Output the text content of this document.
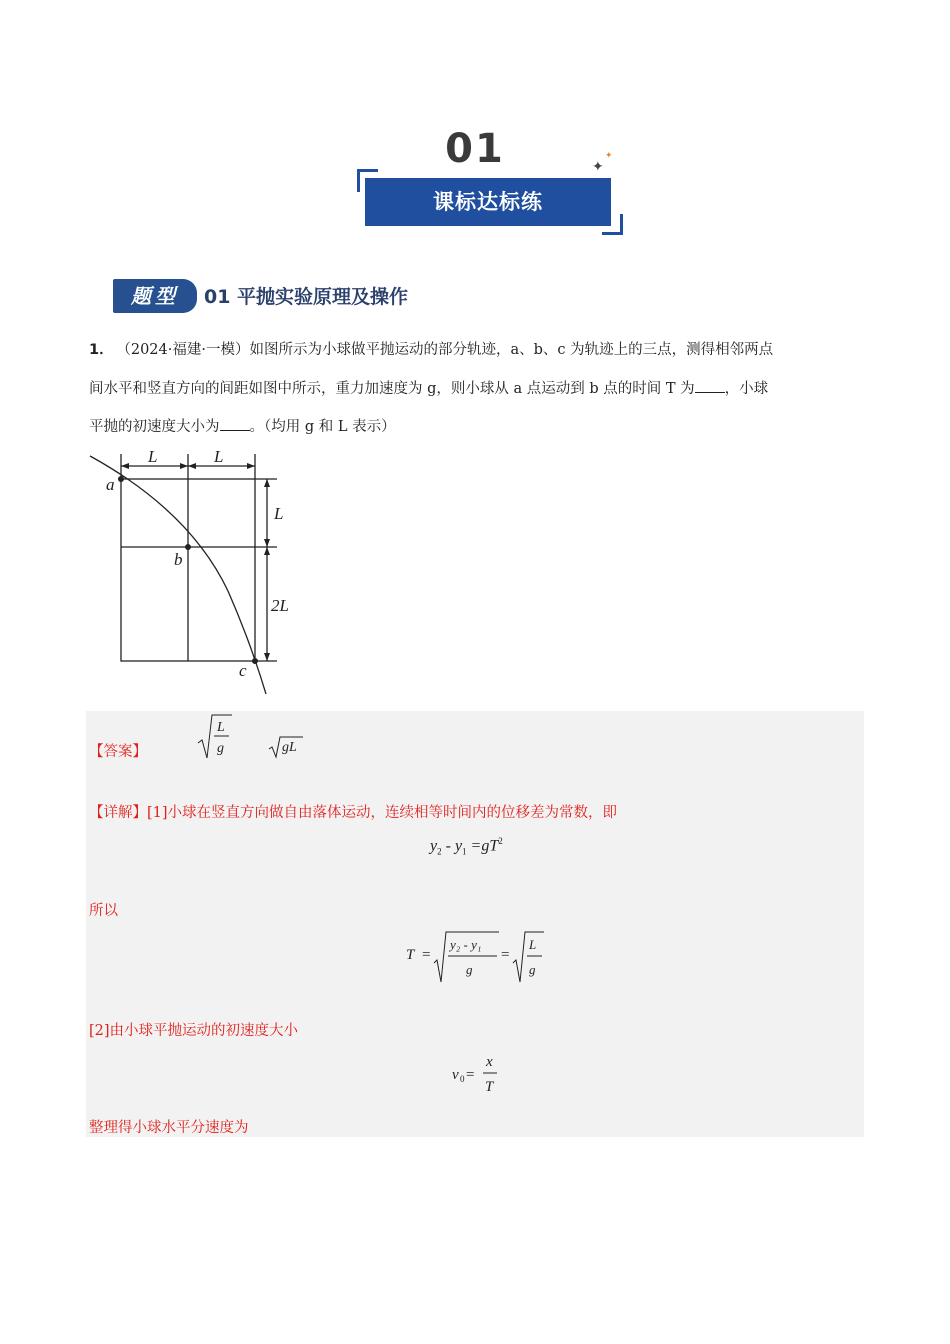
01
课标达标练
✦
✦
题型	01 平抛实验原理及操作
1． （2024·福建·一模）如图所示为小球做平抛运动的部分轨迹，a、b、c 为轨迹上的三点，测得相邻两点
间水平和竖直方向的间距如图中所示，重力加速度为 g，则小球从 a 点运动到 b 点的时间 T 为 ，小球
平抛的初速度大小为 。（均用 g 和 L 表示）
L	L
L
2L
a
b
c
【答案】
L
g	gL
【详解】[1]小球在竖直方向做自由落体运动，连续相等时间内的位移差为常数，即
$y_2 - y_1 =gT^2$
所以
T =
y₂ - y₁
g
=
L
g
[2]由小球平抛运动的初速度大小
v 0 =
x
T
整理得小球水平分速度为
